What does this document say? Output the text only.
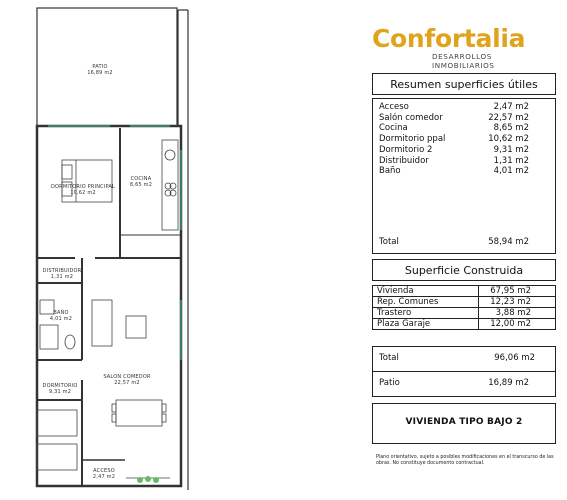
PATIO
16,89 m2
DORMITORIO PRINCIPAL
10,62 m2
COCINA
8,65 m2
DISTRIBUIDOR
1,31 m2
BAÑO
4,01 m2
SALON COMEDOR
22,57 m2
DORMITORIO
9,31 m2
ACCESO
2,47 m2
Confortalia
DESARROLLOS INMOBILIARIOS
Resumen superficies útiles
Acceso	2,47 m2
Salón comedor	22,57 m2
Cocina	8,65 m2
Dormitorio ppal	10,62 m2
Dormitorio 2	9,31 m2
Distribuidor	1,31 m2
Baño	4,01 m2
Total	58,94 m2
Superficie Construida
Vivienda	67,95 m2
Rep. Comunes	12,23 m2
Trastero	3,88 m2
Plaza Garaje	12,00 m2
Total	96,06 m2
Patio	16,89 m2
VIVIENDA TIPO BAJO 2
Plano orientativo, sujeto a posibles modificaciones en el transcurso de las obras. No constituye documento contractual.
